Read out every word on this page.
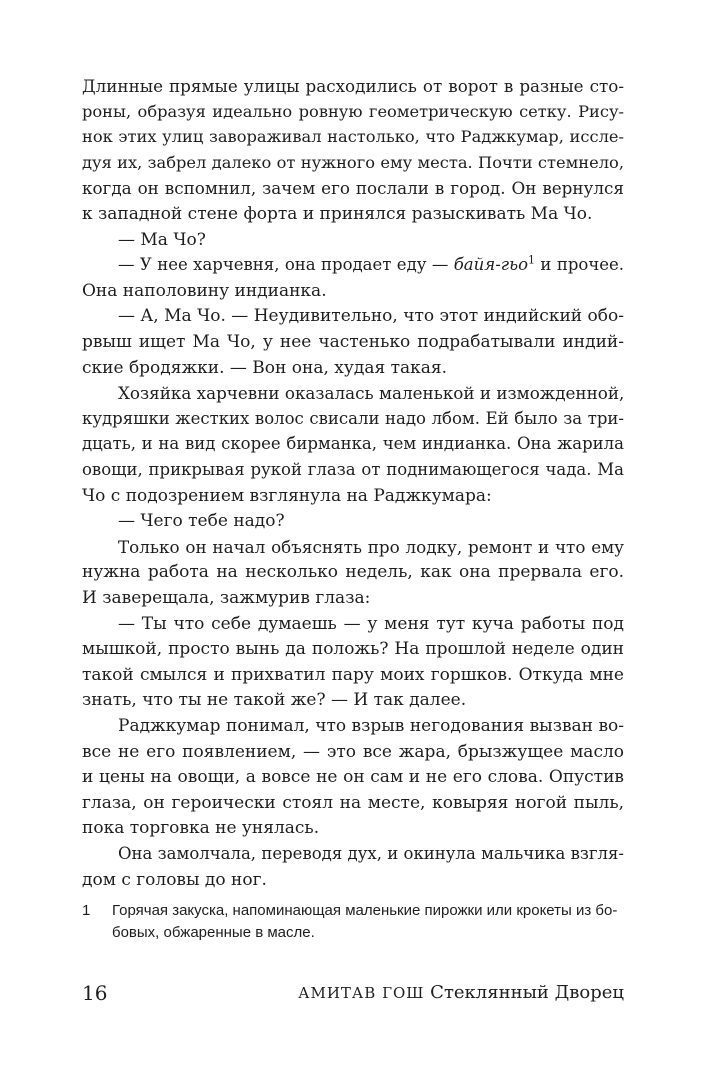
Длинные прямые улицы расходились от ворот в разные сто-
роны, образуя идеально ровную геометрическую сетку. Рису-
нок этих улиц завораживал настолько, что Раджкумар, иссле-
дуя их, забрел далеко от нужного ему места. Почти стемнело,
когда он вспомнил, зачем его послали в город. Он вернулся
к западной стене форта и принялся разыскивать Ма Чо.
— Ма Чо?
— У нее харчевня, она продает еду — байя-гьо$^1$ и прочее.
Она наполовину индианка.
— А, Ма Чо. — Неудивительно, что этот индийский обо-
рвыш ищет Ма Чо, у нее частенько подрабатывали индий-
ские бродяжки. — Вон она, худая такая.
Хозяйка харчевни оказалась маленькой и изможденной,
кудряшки жестких волос свисали надо лбом. Ей было за три-
дцать, и на вид скорее бирманка, чем индианка. Она жарила
овощи, прикрывая рукой глаза от поднимающегося чада. Ма
Чо с подозрением взглянула на Раджкумара:
— Чего тебе надо?
Только он начал объяснять про лодку, ремонт и что ему
нужна работа на несколько недель, как она прервала его.
И заверещала, зажмурив глаза:
— Ты что себе думаешь — у меня тут куча работы под
мышкой, просто вынь да положь? На прошлой неделе один
такой смылся и прихватил пару моих горшков. Откуда мне
знать, что ты не такой же? — И так далее.
Раджкумар понимал, что взрыв негодования вызван во-
все не его появлением, — это все жара, брызжущее масло
и цены на овощи, а вовсе не он сам и не его слова. Опустив
глаза, он героически стоял на месте, ковыряя ногой пыль,
пока торговка не унялась.
Она замолчала, переводя дух, и окинула мальчика взгля-
дом с головы до ног.
1 Горячая закуска, напоминающая маленькие пирожки или крокеты из бо-
бовых, обжаренные в масле.
16	АМИТАВ ГОШ Стеклянный Дворец
